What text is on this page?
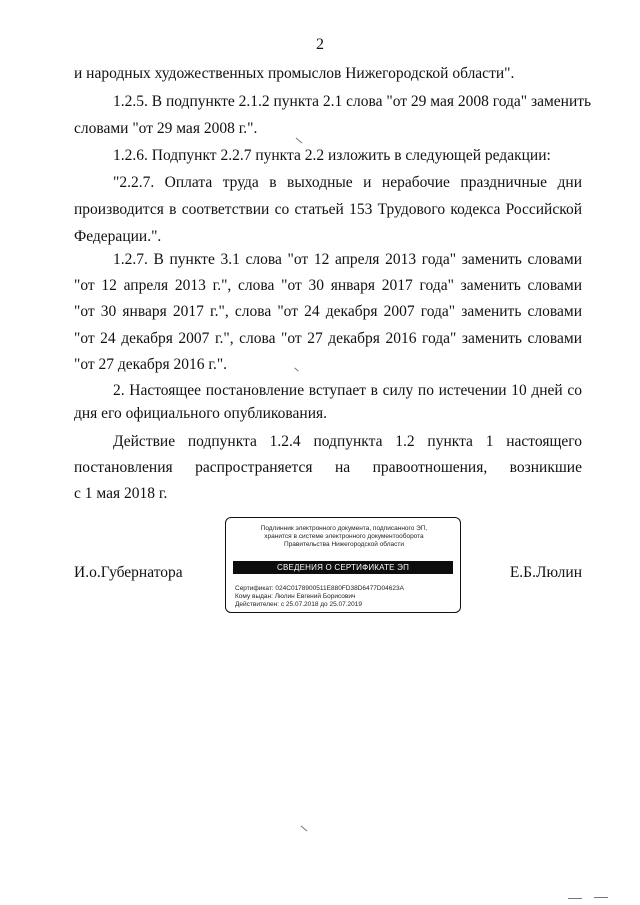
2
и народных художественных промыслов Нижегородской области".
1.2.5. В подпункте 2.1.2 пункта 2.1 слова "от 29 мая 2008 года" заменить
словами "от 29 мая 2008 г.".
1.2.6. Подпункт 2.2.7 пункта 2.2 изложить в следующей редакции:
"2.2.7. Оплата труда в выходные и нерабочие праздничные дни
производится в соответствии со статьей 153 Трудового кодекса Российской
Федерации.".
1.2.7. В пункте 3.1 слова "от 12 апреля 2013 года" заменить словами
"от 12 апреля 2013 г.", слова "от 30 января 2017 года" заменить словами
"от 30 января 2017 г.", слова "от 24 декабря 2007 года" заменить словами
"от 24 декабря 2007 г.", слова "от 27 декабря 2016 года" заменить словами
"от 27 декабря 2016 г.".
2. Настоящее постановление вступает в силу по истечении 10 дней со
дня его официального опубликования.
Действие подпункта 1.2.4 подпункта 1.2 пункта 1 настоящего
постановления распространяется на правоотношения, возникшие
с 1 мая 2018 г.
И.о.Губернатора	Е.Б.Люлин
Подлинник электронного документа, подписанного ЭП,
хранится в системе электронного документооборота
Правительства Нижегородской области
СВЕДЕНИЯ О СЕРТИФИКАТЕ ЭП
Сертификат: 024C0178900511E880FD38D6477D04623A
Кому выдан: Люлин Евгений Борисович
Действителен: с 25.07.2018 до 25.07.2019
